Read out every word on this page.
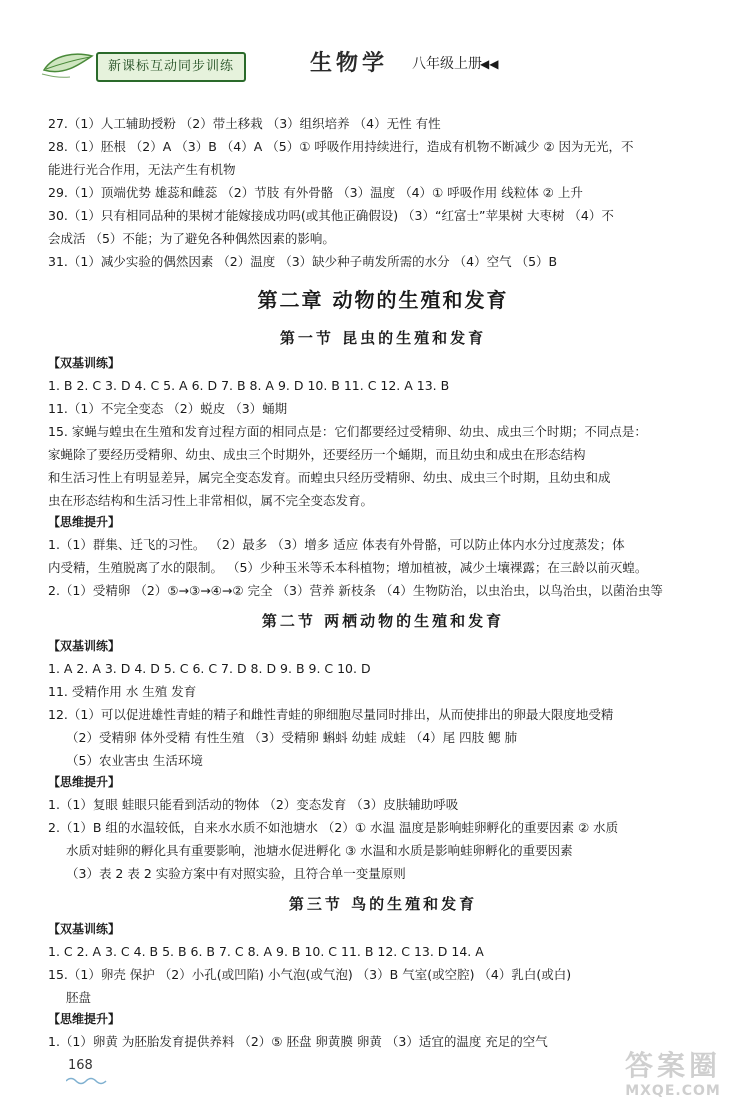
新课标互动同步训练	生物学	八年级上册
◀◀

27.（1）人工辅助授粉 （2）带土移栽 （3）组织培养 （4）无性 有性

28.（1）胚根 （2）A （3）B （4）A （5）① 呼吸作用持续进行，造成有机物不断减少 ② 因为无光，不

能进行光合作用，无法产生有机物

29.（1）顶端优势 雄蕊和雌蕊 （2）节肢 有外骨骼 （3）温度 （4）① 呼吸作用 线粒体 ② 上升

30.（1）只有相同品种的果树才能嫁接成功吗(或其他正确假设) （3）“红富士”苹果树 大枣树 （4）不

会成活 （5）不能；为了避免各种偶然因素的影响。

31.（1）减少实验的偶然因素 （2）温度 （3）缺少种子萌发所需的水分 （4）空气 （5）B

第二章 动物的生殖和发育
第一节 昆虫的生殖和发育

【双基训练】

1. B 2. C 3. D 4. C 5. A 6. D 7. B 8. A 9. D 10. B 11. C 12. A 13. B

11.（1）不完全变态 （2）蜕皮 （3）蛹期

15. 家蝇与蝗虫在生殖和发育过程方面的相同点是：它们都要经过受精卵、幼虫、成虫三个时期；不同点是：

家蝇除了要经历受精卵、幼虫、成虫三个时期外，还要经历一个蛹期，而且幼虫和成虫在形态结构

和生活习性上有明显差异，属完全变态发育。而蝗虫只经历受精卵、幼虫、成虫三个时期，且幼虫和成

虫在形态结构和生活习性上非常相似，属不完全变态发育。

【思维提升】

1.（1）群集、迁飞的习性。 （2）最多 （3）增多 适应 体表有外骨骼，可以防止体内水分过度蒸发；体

内受精，生殖脱离了水的限制。 （5）少种玉米等禾本科植物；增加植被，减少土壤裸露；在三龄以前灭蝗。

2.（1）受精卵 （2）⑤→③→④→② 完全 （3）营养 新枝条 （4）生物防治，以虫治虫，以鸟治虫，以菌治虫等

第二节 两栖动物的生殖和发育

【双基训练】

1. A 2. A 3. D 4. D 5. C 6. C 7. D 8. D 9. B 9. C 10. D

11. 受精作用 水 生殖 发育

12.（1）可以促进雄性青蛙的精子和雌性青蛙的卵细胞尽量同时排出，从而使排出的卵最大限度地受精

（2）受精卵 体外受精 有性生殖 （3）受精卵 蝌蚪 幼蛙 成蛙 （4）尾 四肢 鳃 肺

（5）农业害虫 生活环境

【思维提升】

1.（1）复眼 蛙眼只能看到活动的物体 （2）变态发育 （3）皮肤辅助呼吸

2.（1）B 组的水温较低，自来水水质不如池塘水 （2）① 水温 温度是影响蛙卵孵化的重要因素 ② 水质

水质对蛙卵的孵化具有重要影响，池塘水促进孵化 ③ 水温和水质是影响蛙卵孵化的重要因素

（3）表 2 表 2 实验方案中有对照实验，且符合单一变量原则

第三节 鸟的生殖和发育

【双基训练】

1. C 2. A 3. C 4. B 5. B 6. B 7. C 8. A 9. B 10. C 11. B 12. C 13. D 14. A

15.（1）卵壳 保护 （2）小孔(或凹陷) 小气泡(或气泡) （3）B 气室(或空腔) （4）乳白(或白)

胚盘

【思维提升】

1.（1）卵黄 为胚胎发育提供养料 （2）⑤ 胚盘 卵黄膜 卵黄 （3）适宜的温度 充足的空气

168	答案圈
MXQE.COM
